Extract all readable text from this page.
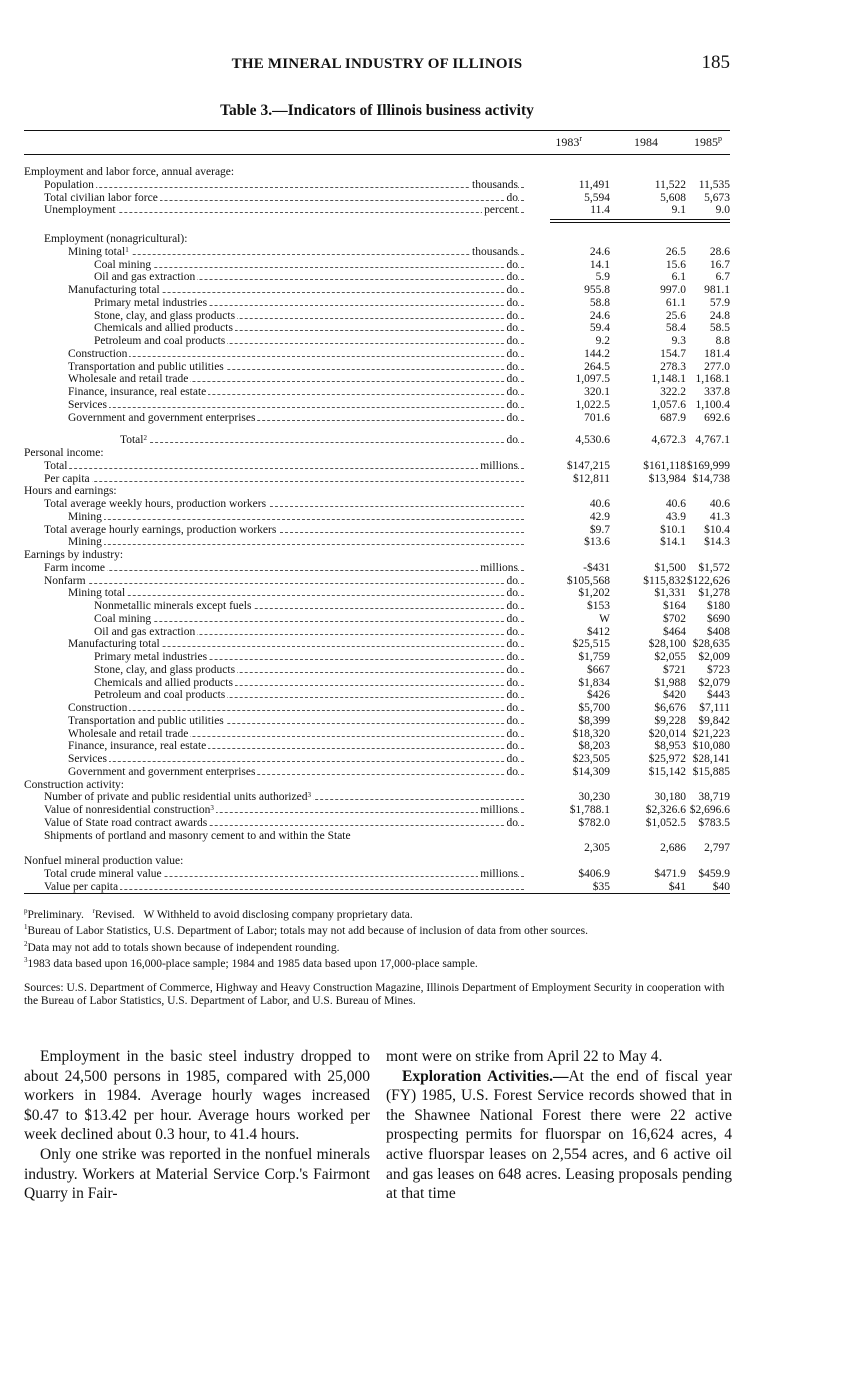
THE MINERAL INDUSTRY OF ILLINOIS	185
Table 3.—Indicators of Illinois business activity
1983$^r$	1984	1985$^p$
Employment and labor force, annual average:
Population	thousands	11,491	11,522	11,535
Total civilian labor force	do	5,594	5,608	5,673
Unemployment	percent	11.4	9.1	9.0
Employment (nonagricultural):
Mining total$^1$	thousands	24.6	26.5	28.6
Coal mining	do	14.1	15.6	16.7
Oil and gas extraction	do	5.9	6.1	6.7
Manufacturing total	do	955.8	997.0	981.1
Primary metal industries	do	58.8	61.1	57.9
Stone, clay, and glass products	do	24.6	25.6	24.8
Chemicals and allied products	do	59.4	58.4	58.5
Petroleum and coal products	do	9.2	9.3	8.8
Construction	do	144.2	154.7	181.4
Transportation and public utilities	do	264.5	278.3	277.0
Wholesale and retail trade	do	1,097.5	1,148.1 1,168.1
Finance, insurance, real estate	do	320.1	322.2	337.8
Services	do	1,022.5	1,057.6 1,100.4
Government and government enterprises	do	701.6	687.9	692.6
Total$^2$	do	4,530.6	4,672.3 4,767.1
Personal income:
Total	millions	$147,215	$161,118 $169,999
Per capita	$12,811	$13,984 $14,738
Hours and earnings:
Total average weekly hours, production workers	40.6	40.6	40.6
Mining	42.9	43.9	41.3
Total average hourly earnings, production workers	$9.7	$10.1	$10.4
Mining	$13.6	$14.1	$14.3
Earnings by industry:
Farm income	millions	-$431	$1,500	$1,572
Nonfarm	do	$105,568	$115,832 $122,626
Mining total	do	$1,202	$1,331	$1,278
Nonmetallic minerals except fuels	do	$153	$164	$180
Coal mining	do	W	$702	$690
Oil and gas extraction	do	$412	$464	$408
Manufacturing total	do	$25,515	$28,100 $28,635
Primary metal industries	do	$1,759	$2,055	$2,009
Stone, clay, and glass products	do	$667	$721	$723
Chemicals and allied products	do	$1,834	$1,988	$2,079
Petroleum and coal products	do	$426	$420	$443
Construction	do	$5,700	$6,676	$7,111
Transportation and public utilities	do	$8,399	$9,228	$9,842
Wholesale and retail trade	do	$18,320	$20,014 $21,223
Finance, insurance, real estate	do	$8,203	$8,953 $10,080
Services	do	$23,505	$25,972 $28,141
Government and government enterprises	do	$14,309	$15,142 $15,885
Construction activity:
Number of private and public residential units authorized$^3$	30,230	30,180	38,719
Value of nonresidential construction$^3$	millions	$1,788.1	$2,326.6 $2,696.6
Value of State road contract awards	do	$782.0	$1,052.5	$783.5
Shipments of portland and masonry cement to and within the State
2,305	2,686	2,797
Nonfuel mineral production value:
Total crude mineral value	millions	$406.9	$471.9	$459.9
Value per capita	$35	$41	$40

$^p$Preliminary. $^r$Revised. W Withheld to avoid disclosing company proprietary data.

$^1$Bureau of Labor Statistics, U.S. Department of Labor; totals may not add because of inclusion of data from other sources.

$^2$Data may not add to totals shown because of independent rounding.

$^3$1983 data based upon 16,000-place sample; 1984 and 1985 data based upon 17,000-place sample.

Sources: U.S. Department of Commerce, Highway and Heavy Construction Magazine, Illinois Department of Employment Security in cooperation with the Bureau of Labor Statistics, U.S. Department of Labor, and U.S. Bureau of Mines.

Employment in the basic steel industry dropped to about 24,500 persons in 1985, compared with 25,000 workers in 1984. Average hourly wages increased $0.47 to $13.42 per hour. Average hours worked per week declined about 0.3 hour, to 41.4 hours.

Only one strike was reported in the nonfuel minerals industry. Workers at Material Service Corp.'s Fairmont Quarry in Fair-

mont were on strike from April 22 to May 4.

Exploration Activities.—At the end of fiscal year (FY) 1985, U.S. Forest Service records showed that in the Shawnee National Forest there were 22 active prospecting permits for fluorspar on 16,624 acres, 4 active fluorspar leases on 2,554 acres, and 6 active oil and gas leases on 648 acres. Leasing proposals pending at that time
